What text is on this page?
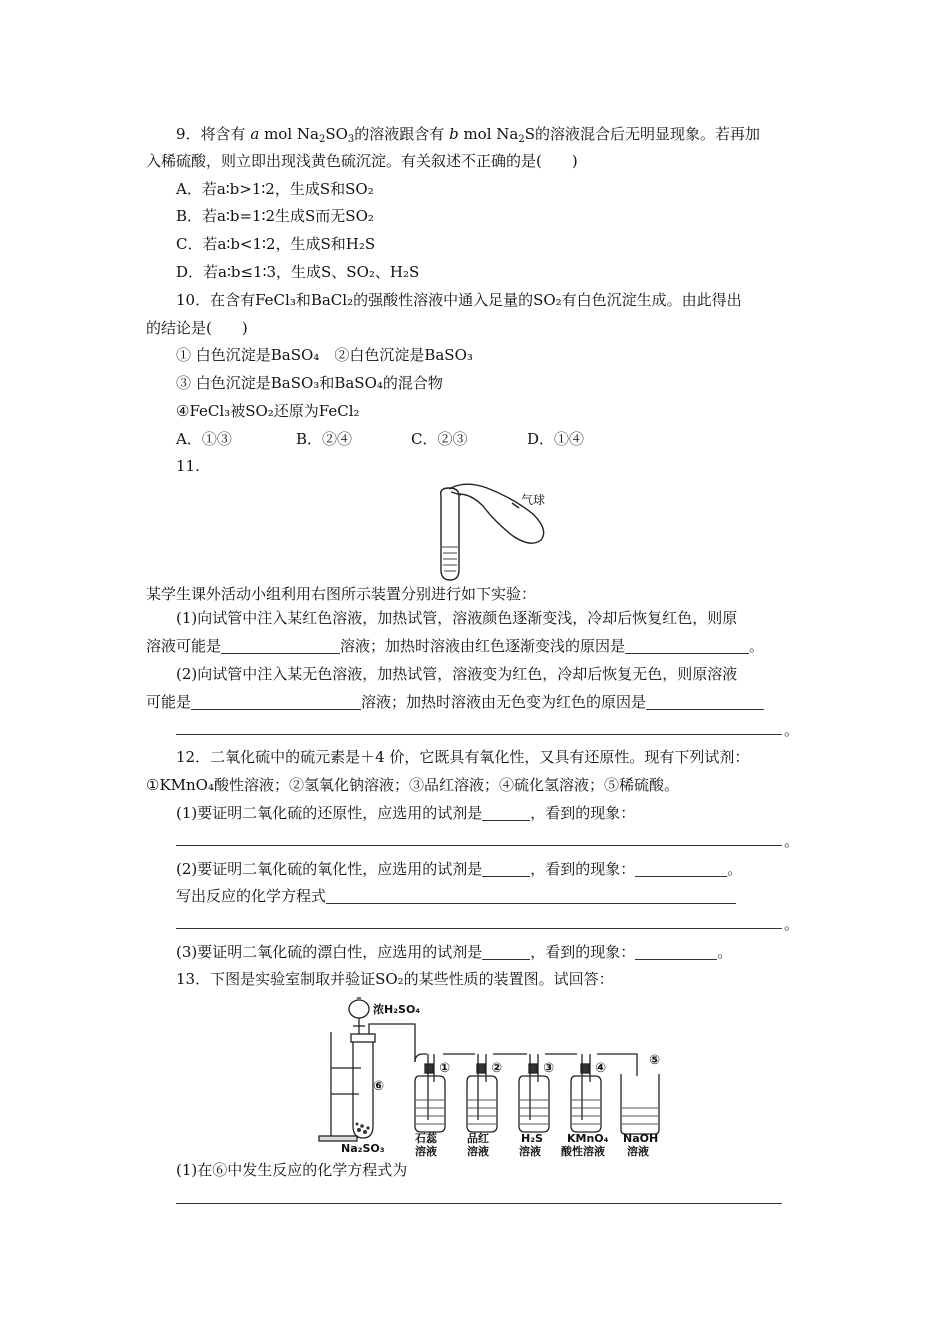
9．将含有 a mol $Na_2SO_3$的溶液跟含有 b mol $Na_2S$的溶液混合后无明显现象。若再加
入稀硫酸，则立即出现浅黄色硫沉淀。有关叙述不正确的是(　　)
A．若a∶b>1∶2，生成S和SO₂
B．若a∶b=1∶2生成S而无SO₂
C．若a∶b<1∶2，生成S和H₂S
D．若a∶b≤1∶3，生成S、SO₂、H₂S
10．在含有FeCl₃和BaCl₂的强酸性溶液中通入足量的SO₂有白色沉淀生成。由此得出
的结论是(　　)
① 白色沉淀是BaSO₄　②白色沉淀是BaSO₃
③ 白色沉淀是BaSO₃和BaSO₄的混合物
④FeCl₃被SO₂还原为FeCl₂
A．①③	B．②④	C．②③	D．①④
11.
气球
某学生课外活动小组利用右图所示装置分别进行如下实验：
(1)向试管中注入某红色溶液，加热试管，溶液颜色逐渐变浅，冷却后恢复红色，则原
溶液可能是	溶液；加热时溶液由红色逐渐变浅的原因是	。
(2)向试管中注入某无色溶液，加热试管，溶液变为红色，冷却后恢复无色，则原溶液
可能是	溶液；加热时溶液由无色变为红色的原因是
。
12．二氧化硫中的硫元素是＋4 价，它既具有氧化性，又具有还原性。现有下列试剂：
①KMnO₄酸性溶液；②氢氧化钠溶液；③品红溶液；④硫化氢溶液；⑤稀硫酸。
(1)要证明二氧化硫的还原性，应选用的试剂是	，看到的现象：
。
(2)要证明二氧化硫的氧化性，应选用的试剂是	，看到的现象：	。
写出反应的化学方程式
。
(3)要证明二氧化硫的漂白性，应选用的试剂是	，看到的现象：	。
13．下图是实验室制取并验证SO₂的某些性质的装置图。试回答：
浓H₂SO₄
Na₂SO₃
⑥
①
石蕊
溶液
②
品红
溶液
③
H₂S
溶液
④
KMnO₄
酸性溶液
⑤
NaOH
溶液
(1)在⑥中发生反应的化学方程式为
